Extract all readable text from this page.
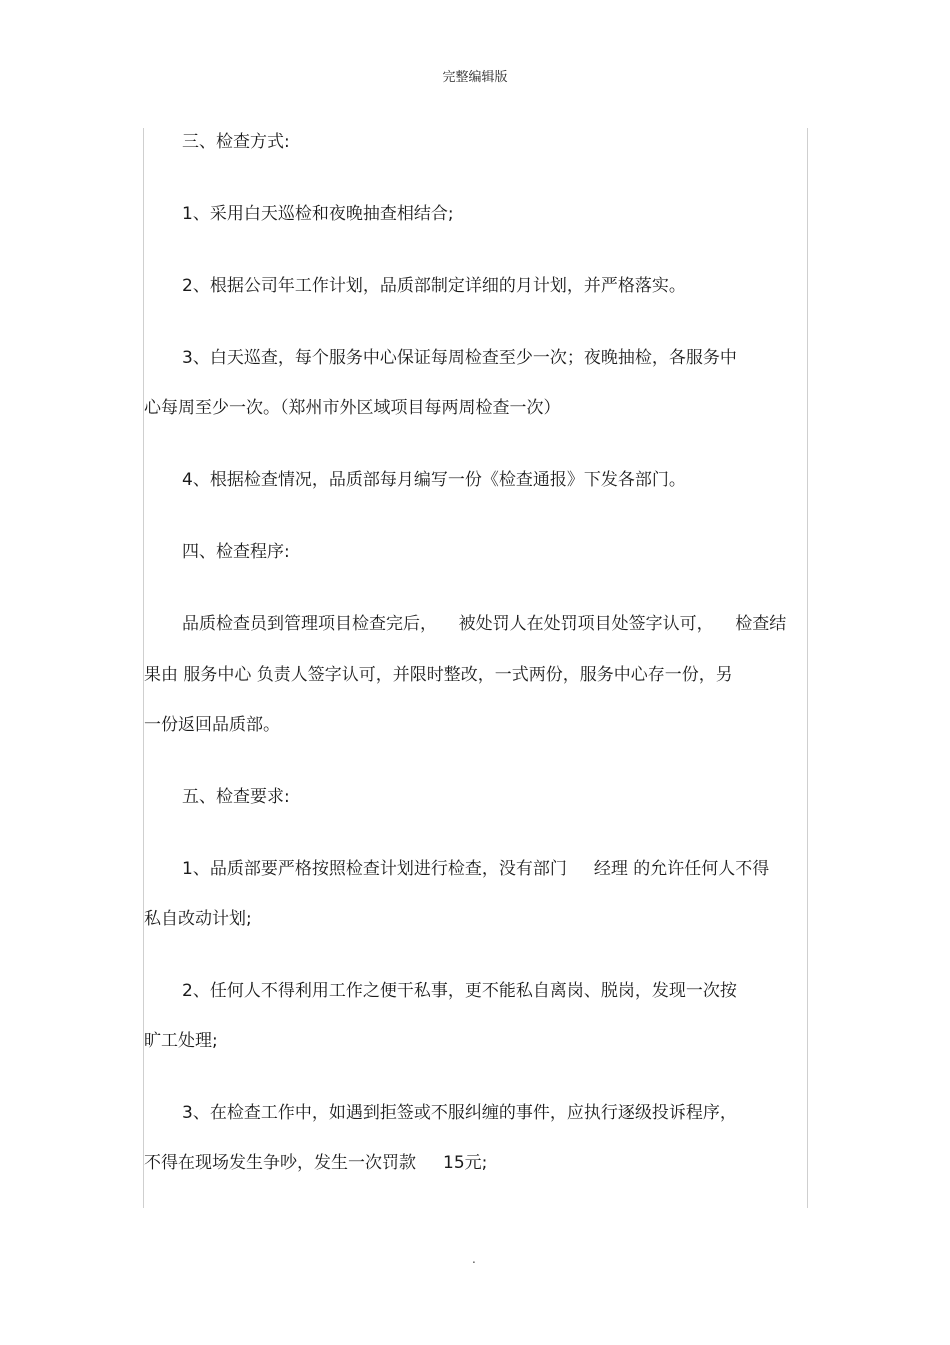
完整编辑版
三、检查方式:
1、采用白天巡检和夜晚抽查相结合;
2、根据公司年工作计划，品质部制定详细的月计划，并严格落实。
3、白天巡查，每个服务中心保证每周检查至少一次；夜晚抽检，各服务中
心每周至少一次。（郑州市外区域项目每两周检查一次）
4、根据检查情况，品质部每月编写一份《检查通报》下发各部门。
四、检查程序:
品质检查员到管理项目检查完后，    被处罚人在处罚项目处签字认可，    检查结
果由 服务中心 负责人签字认可，并限时整改，一式两份，服务中心存一份，另
一份返回品质部。
五、检查要求:
1、品质部要严格按照检查计划进行检查，没有部门     经理 的允许任何人不得
私自改动计划;
2、任何人不得利用工作之便干私事，更不能私自离岗、脱岗，发现一次按
旷工处理;
3、在检查工作中，如遇到拒签或不服纠缠的事件，应执行逐级投诉程序，
不得在现场发生争吵，发生一次罚款     15元;
.
